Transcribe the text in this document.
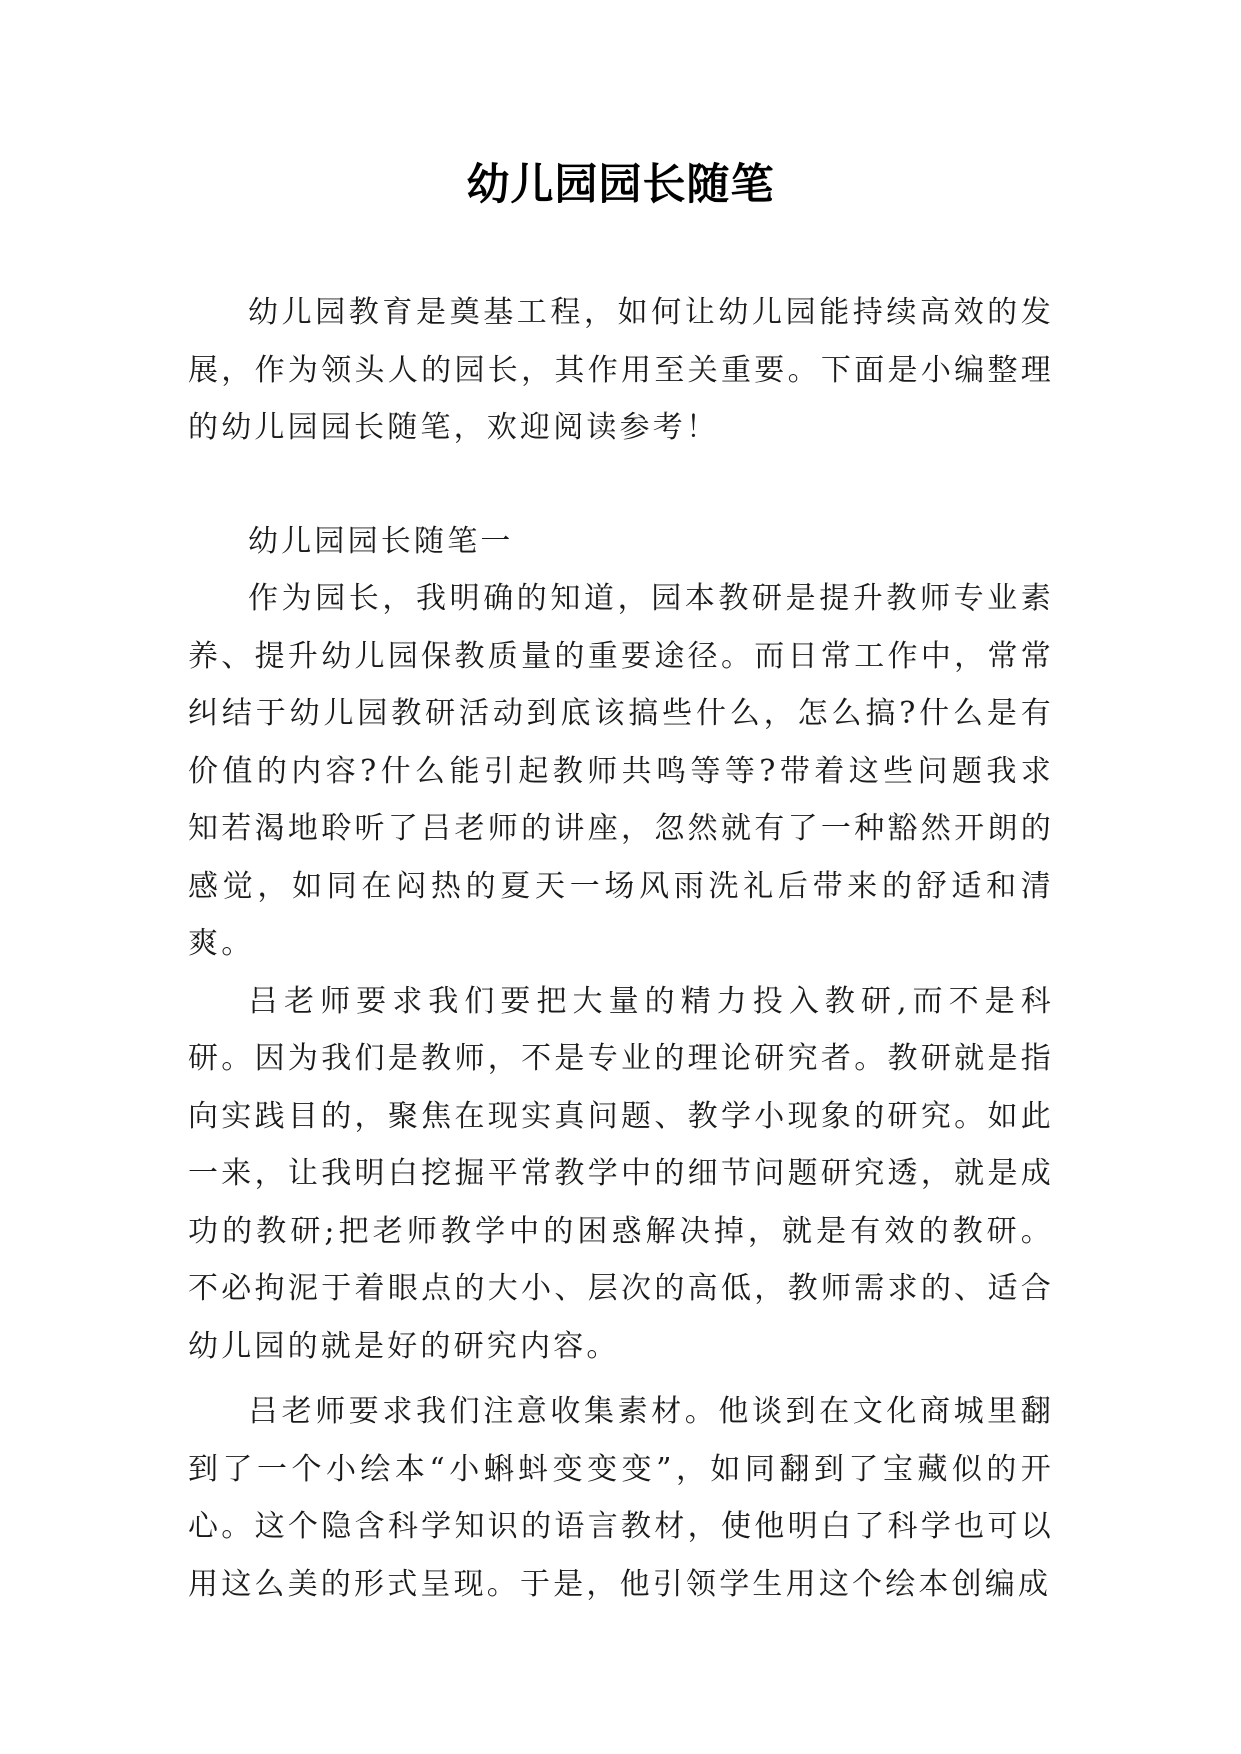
幼儿园园长随笔

幼儿园教育是奠基工程，如何让幼儿园能持续高效的发展，作为领头人的园长，其作用至关重要。下面是小编整理的幼儿园园长随笔，欢迎阅读参考！

幼儿园园长随笔一

作为园长，我明确的知道，园本教研是提升教师专业素养、提升幼儿园保教质量的重要途径。而日常工作中，常常纠结于幼儿园教研活动到底该搞些什么，怎么搞?什么是有价值的内容?什么能引起教师共鸣等等?带着这些问题我求知若渴地聆听了吕老师的讲座，忽然就有了一种豁然开朗的感觉，如同在闷热的夏天一场风雨洗礼后带来的舒适和清爽。

吕老师要求我们要把大量的精力投入教研,而不是科研。因为我们是教师，不是专业的理论研究者。教研就是指向实践目的，聚焦在现实真问题、教学小现象的研究。如此一来，让我明白挖掘平常教学中的细节问题研究透，就是成功的教研;把老师教学中的困惑解决掉，就是有效的教研。不必拘泥于着眼点的大小、层次的高低，教师需求的、适合幼儿园的就是好的研究内容。

吕老师要求我们注意收集素材。他谈到在文化商城里翻到了一个小绘本“小蝌蚪变变变”，如同翻到了宝藏似的开心。这个隐含科学知识的语言教材，使他明白了科学也可以用这么美的形式呈现。于是，他引领学生用这个绘本创编成
